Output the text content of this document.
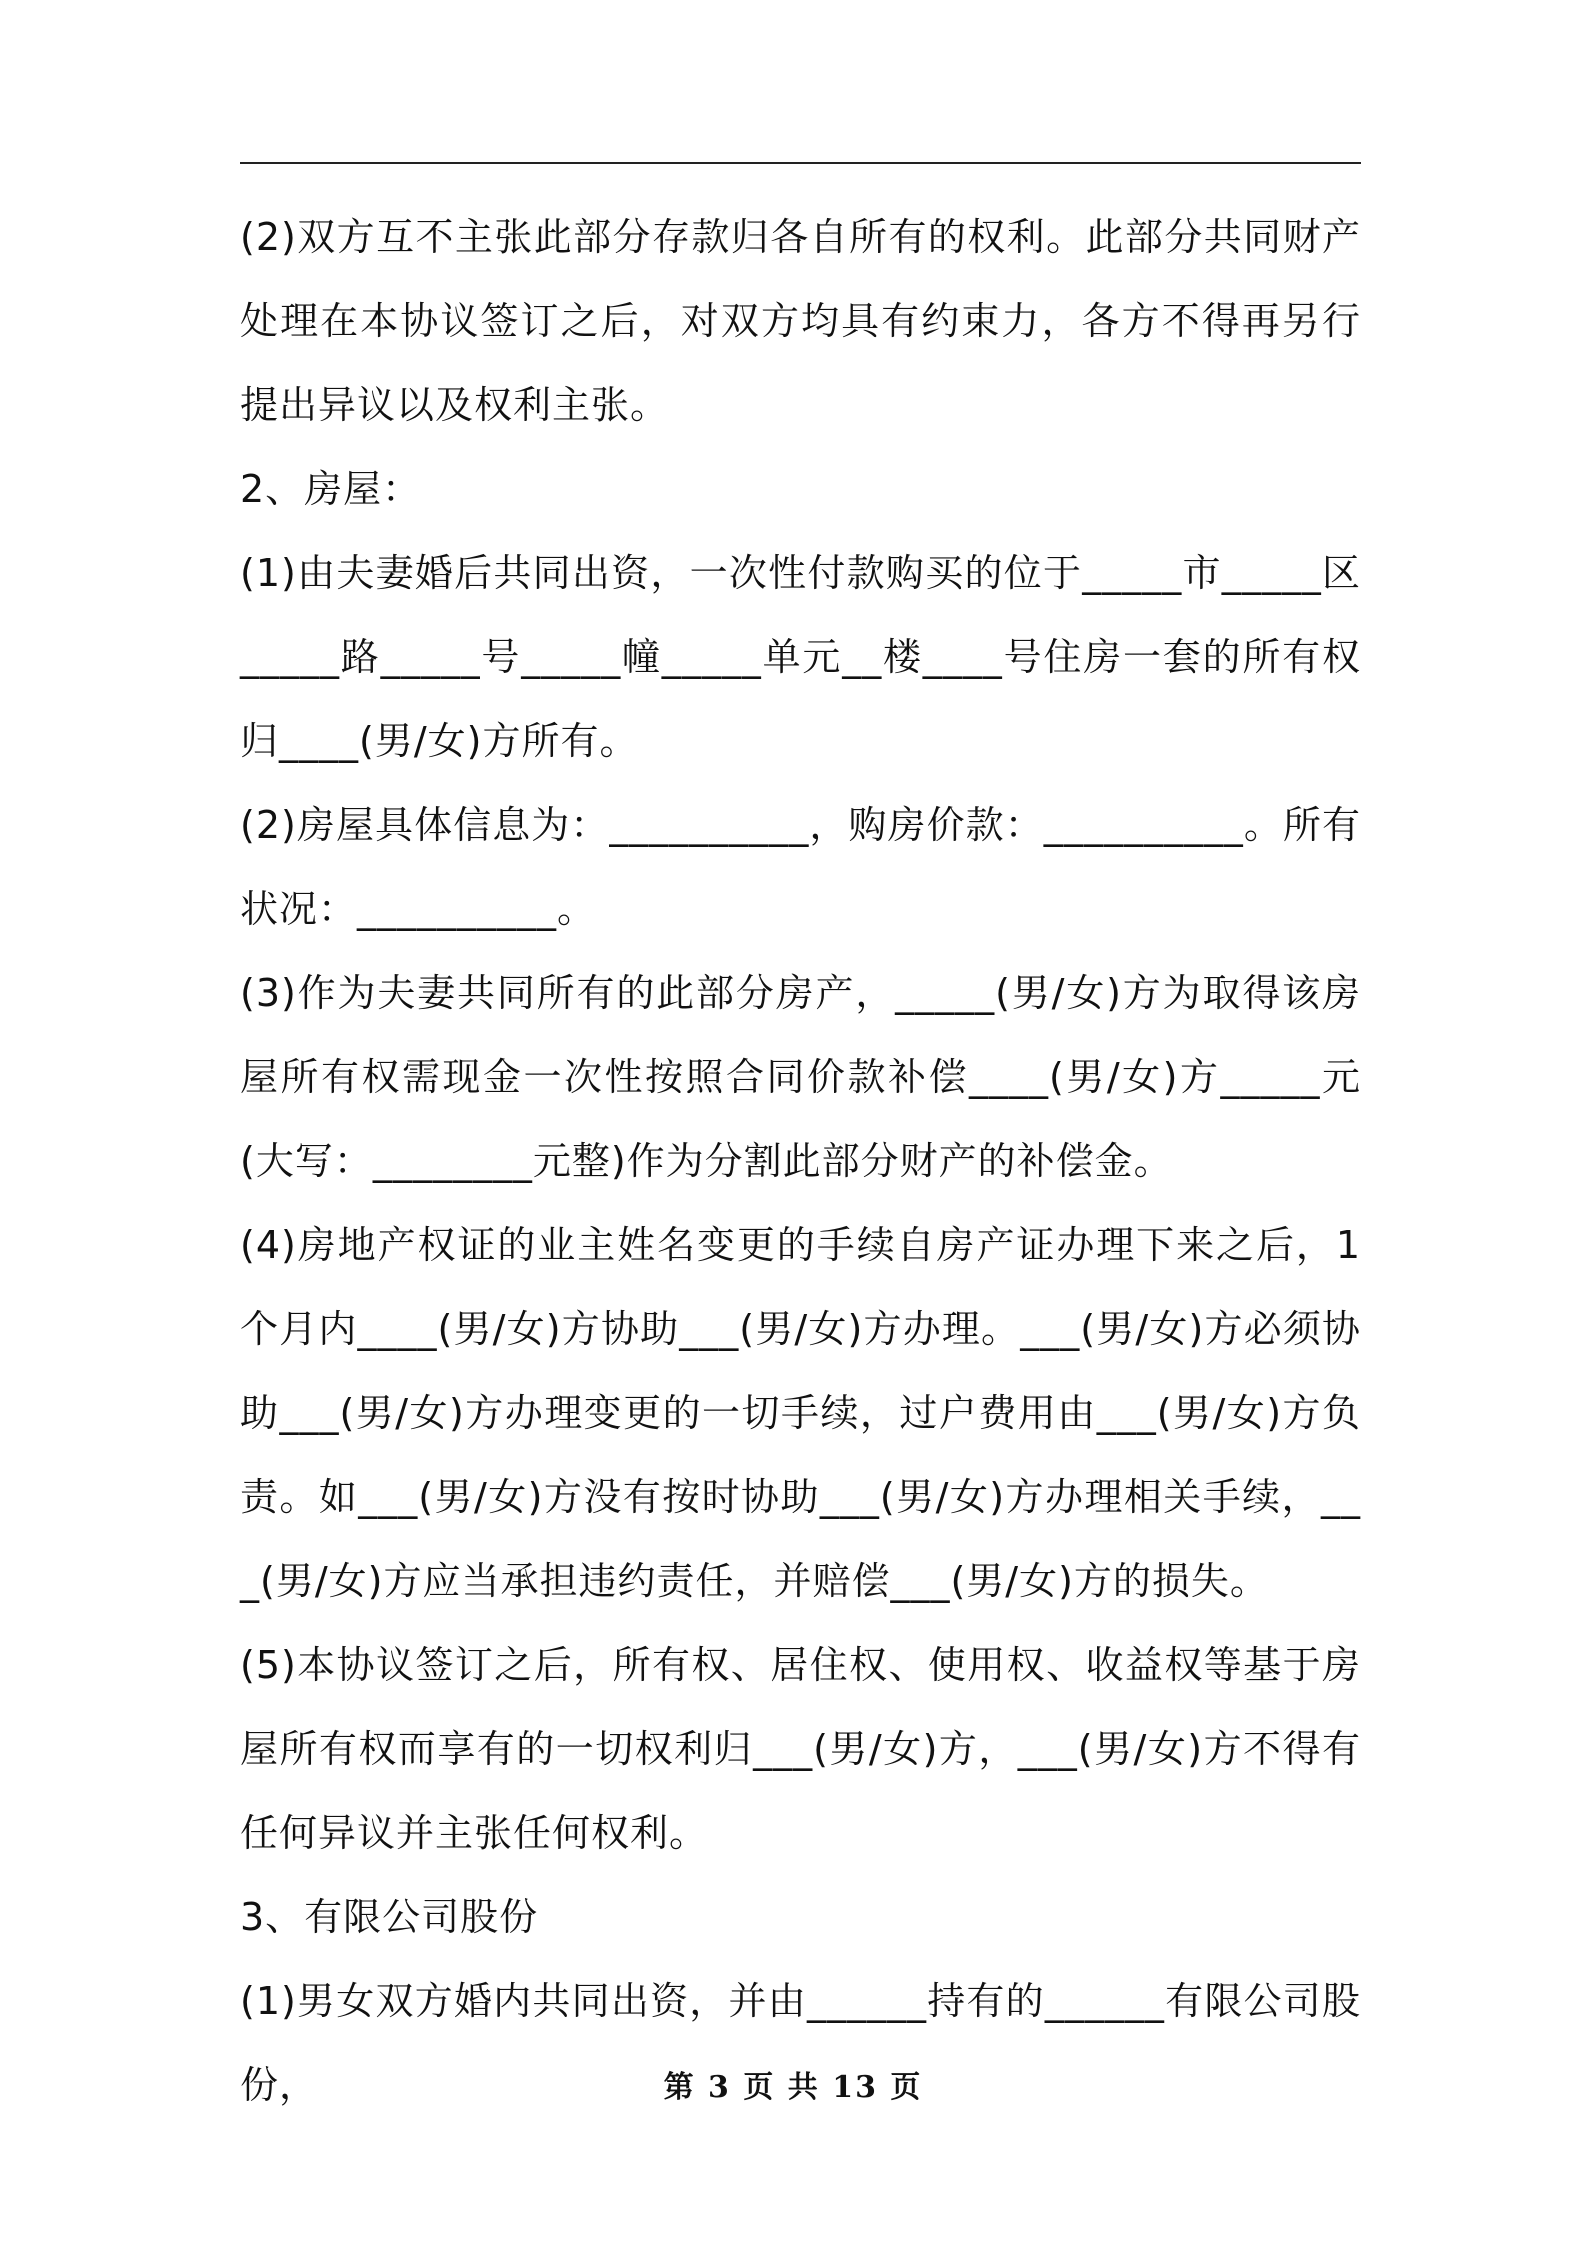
(2)双方互不主张此部分存款归各自所有的权利。此部分共同财产处理在本协议签订之后，对双方均具有约束力，各方不得再另行提出异议以及权利主张。

2、房屋：

(1)由夫妻婚后共同出资，一次性付款购买的位于_____市_____区_____路_____号_____幢_____单元__楼____号住房一套的所有权归____(男/女)方所有。

(2)房屋具体信息为：__________，购房价款：__________。所有状况：__________。

(3)作为夫妻共同所有的此部分房产，_____(男/女)方为取得该房屋所有权需现金一次性按照合同价款补偿____(男/女)方_____元(大写：________元整)作为分割此部分财产的补偿金。

(4)房地产权证的业主姓名变更的手续自房产证办理下来之后，1个月内____(男/女)方协助___(男/女)方办理。___(男/女)方必须协助___(男/女)方办理变更的一切手续，过户费用由___(男/女)方负责。如___(男/女)方没有按时协助___(男/女)方办理相关手续，___(男/女)方应当承担违约责任，并赔偿___(男/女)方的损失。

(5)本协议签订之后，所有权、居住权、使用权、收益权等基于房屋所有权而享有的一切权利归___(男/女)方，___(男/女)方不得有任何异议并主张任何权利。

3、有限公司股份

(1)男女双方婚内共同出资，并由______持有的______有限公司股份，	第 3 页 共 13 页
